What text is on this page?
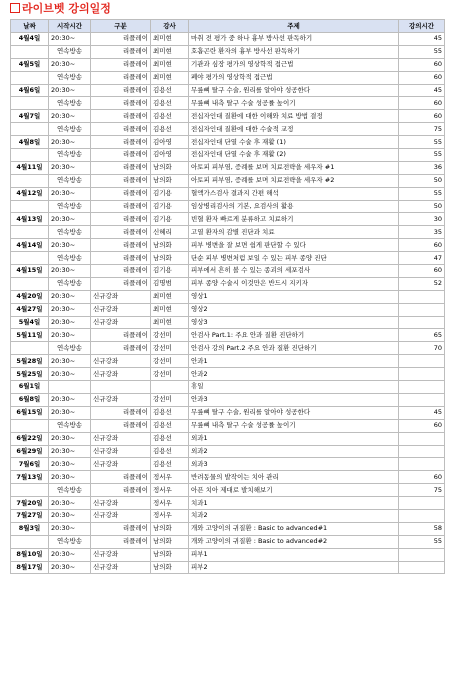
라이브벳 강의일정
날짜	시작시간	구분	강사	주제	강의시간
4월4일	20:30~	리플레이	최미현	마취 전 평가 중 하나 흉부 방사선 판독하기	45
	연속방송	리플레이	최미현	호흡곤란 환자의 흉부 방사선 판독하기	55
4월5일	20:30~	리플레이	최미현	기관과 심장 평가의 영상학적 접근법	60
	연속방송	리플레이	최미현	폐야 평가의 영상학적 접근법	60
4월6일	20:30~	리플레이	김용선	무릎뼈 탈구 수술, 원리를 알아야 성공한다	45
	연속방송	리플레이	김용선	무릎뼈 내측 탈구 수술 성공률 높이기	60
4월7일	20:30~	리플레이	김용선	전십자인대 질환에 대한 이해와 치료 방법 결정	60
	연속방송	리플레이	김용선	전십자인대 질환에 대한 수술적 교정	75
4월8일	20:30~	리플레이	김아영	전십자인대 단열 수술 후 재활 (1)	55
	연속방송	리플레이	김아영	전십자인대 단열 수술 후 재활 (2)	55
4월11일	20:30~	리플레이	남의화	아토피 피부염, 증례를 보며 치료전략을 세우자 #1	36
	연속방송	리플레이	남의화	아토피 피부염, 증례를 보며 치료전략을 세우자 #2	50
4월12일	20:30~	리플레이	김기용	혈액가스검사 결과지 간편 해석	55
	연속방송	리플레이	김기용	임상병리검사의 기본, 요검사의 활용	50
4월13일	20:30~	리플레이	김기용	빈혈 환자 빠르게 분류하고 치료하기	30
	연속방송	리플레이	신혜리	고열 환자의 감별 진단과 치료	35
4월14일	20:30~	리플레이	남의화	피부 병변을 잘 보면 쉽게 판단할 수 있다	60
	연속방송	리플레이	남의화	단순 피부 병변처럼 보일 수 있는 피부 종양 진단	47
4월15일	20:30~	리플레이	김기용	피부에서 흔히 볼 수 있는 종괴의 세포검사	60
	연속방송	리플레이	김명범	피부 종양 수술시 이것만은 반드시 지키자	52
4월20일	20:30~	신규강좌	최미현	영상1	
4월27일	20:30~	신규강좌	최미현	영상2	
5월4일	20:30~	신규강좌	최미현	영상3	
5월11일	20:30~	리플레이	강선미	안검사 Part.1: 주요 안과 질환 진단하기	65
	연속방송	리플레이	강선미	안검사 강의 Part.2 주요 안과 질환 진단하기	70
5월28일	20:30~	신규강좌	강선미	안과1	
5월25일	20:30~	신규강좌	강선미	안과2	
6월1일				휴일	
6월8일	20:30~	신규강좌	강선미	안과3	
6월15일	20:30~	리플레이	김용선	무릎뼈 탈구 수술, 원리를 알아야 성공한다	45
	연속방송	리플레이	김용선	무릎뼈 내측 탈구 수술 성공률 높이기	60
6월22일	20:30~	신규강좌	김용선	외과1	
6월29일	20:30~	신규강좌	김용선	외과2	
7월6일	20:30~	신규강좌	김용선	외과3	
7월13일	20:30~	리플레이	정서우	반려동물의 발작이는 치아 관리	60
	연속방송	리플레이	정서우	아픈 치아 제대로 발치해보기	75
7월20일	20:30~	신규강좌	정서우	치과1	
7월27일	20:30~	신규강좌	정서우	치과2	
8월3일	20:30~	리플레이	남의화	개와 고양이의 귀질환 : Basic to advanced#1	58
	연속방송	리플레이	남의화	개와 고양이의 귀질환 : Basic to advanced#2	55
8월10일	20:30~	신규강좌	남의화	피부1	
8월17일	20:30~	신규강좌	남의화	피부2	
